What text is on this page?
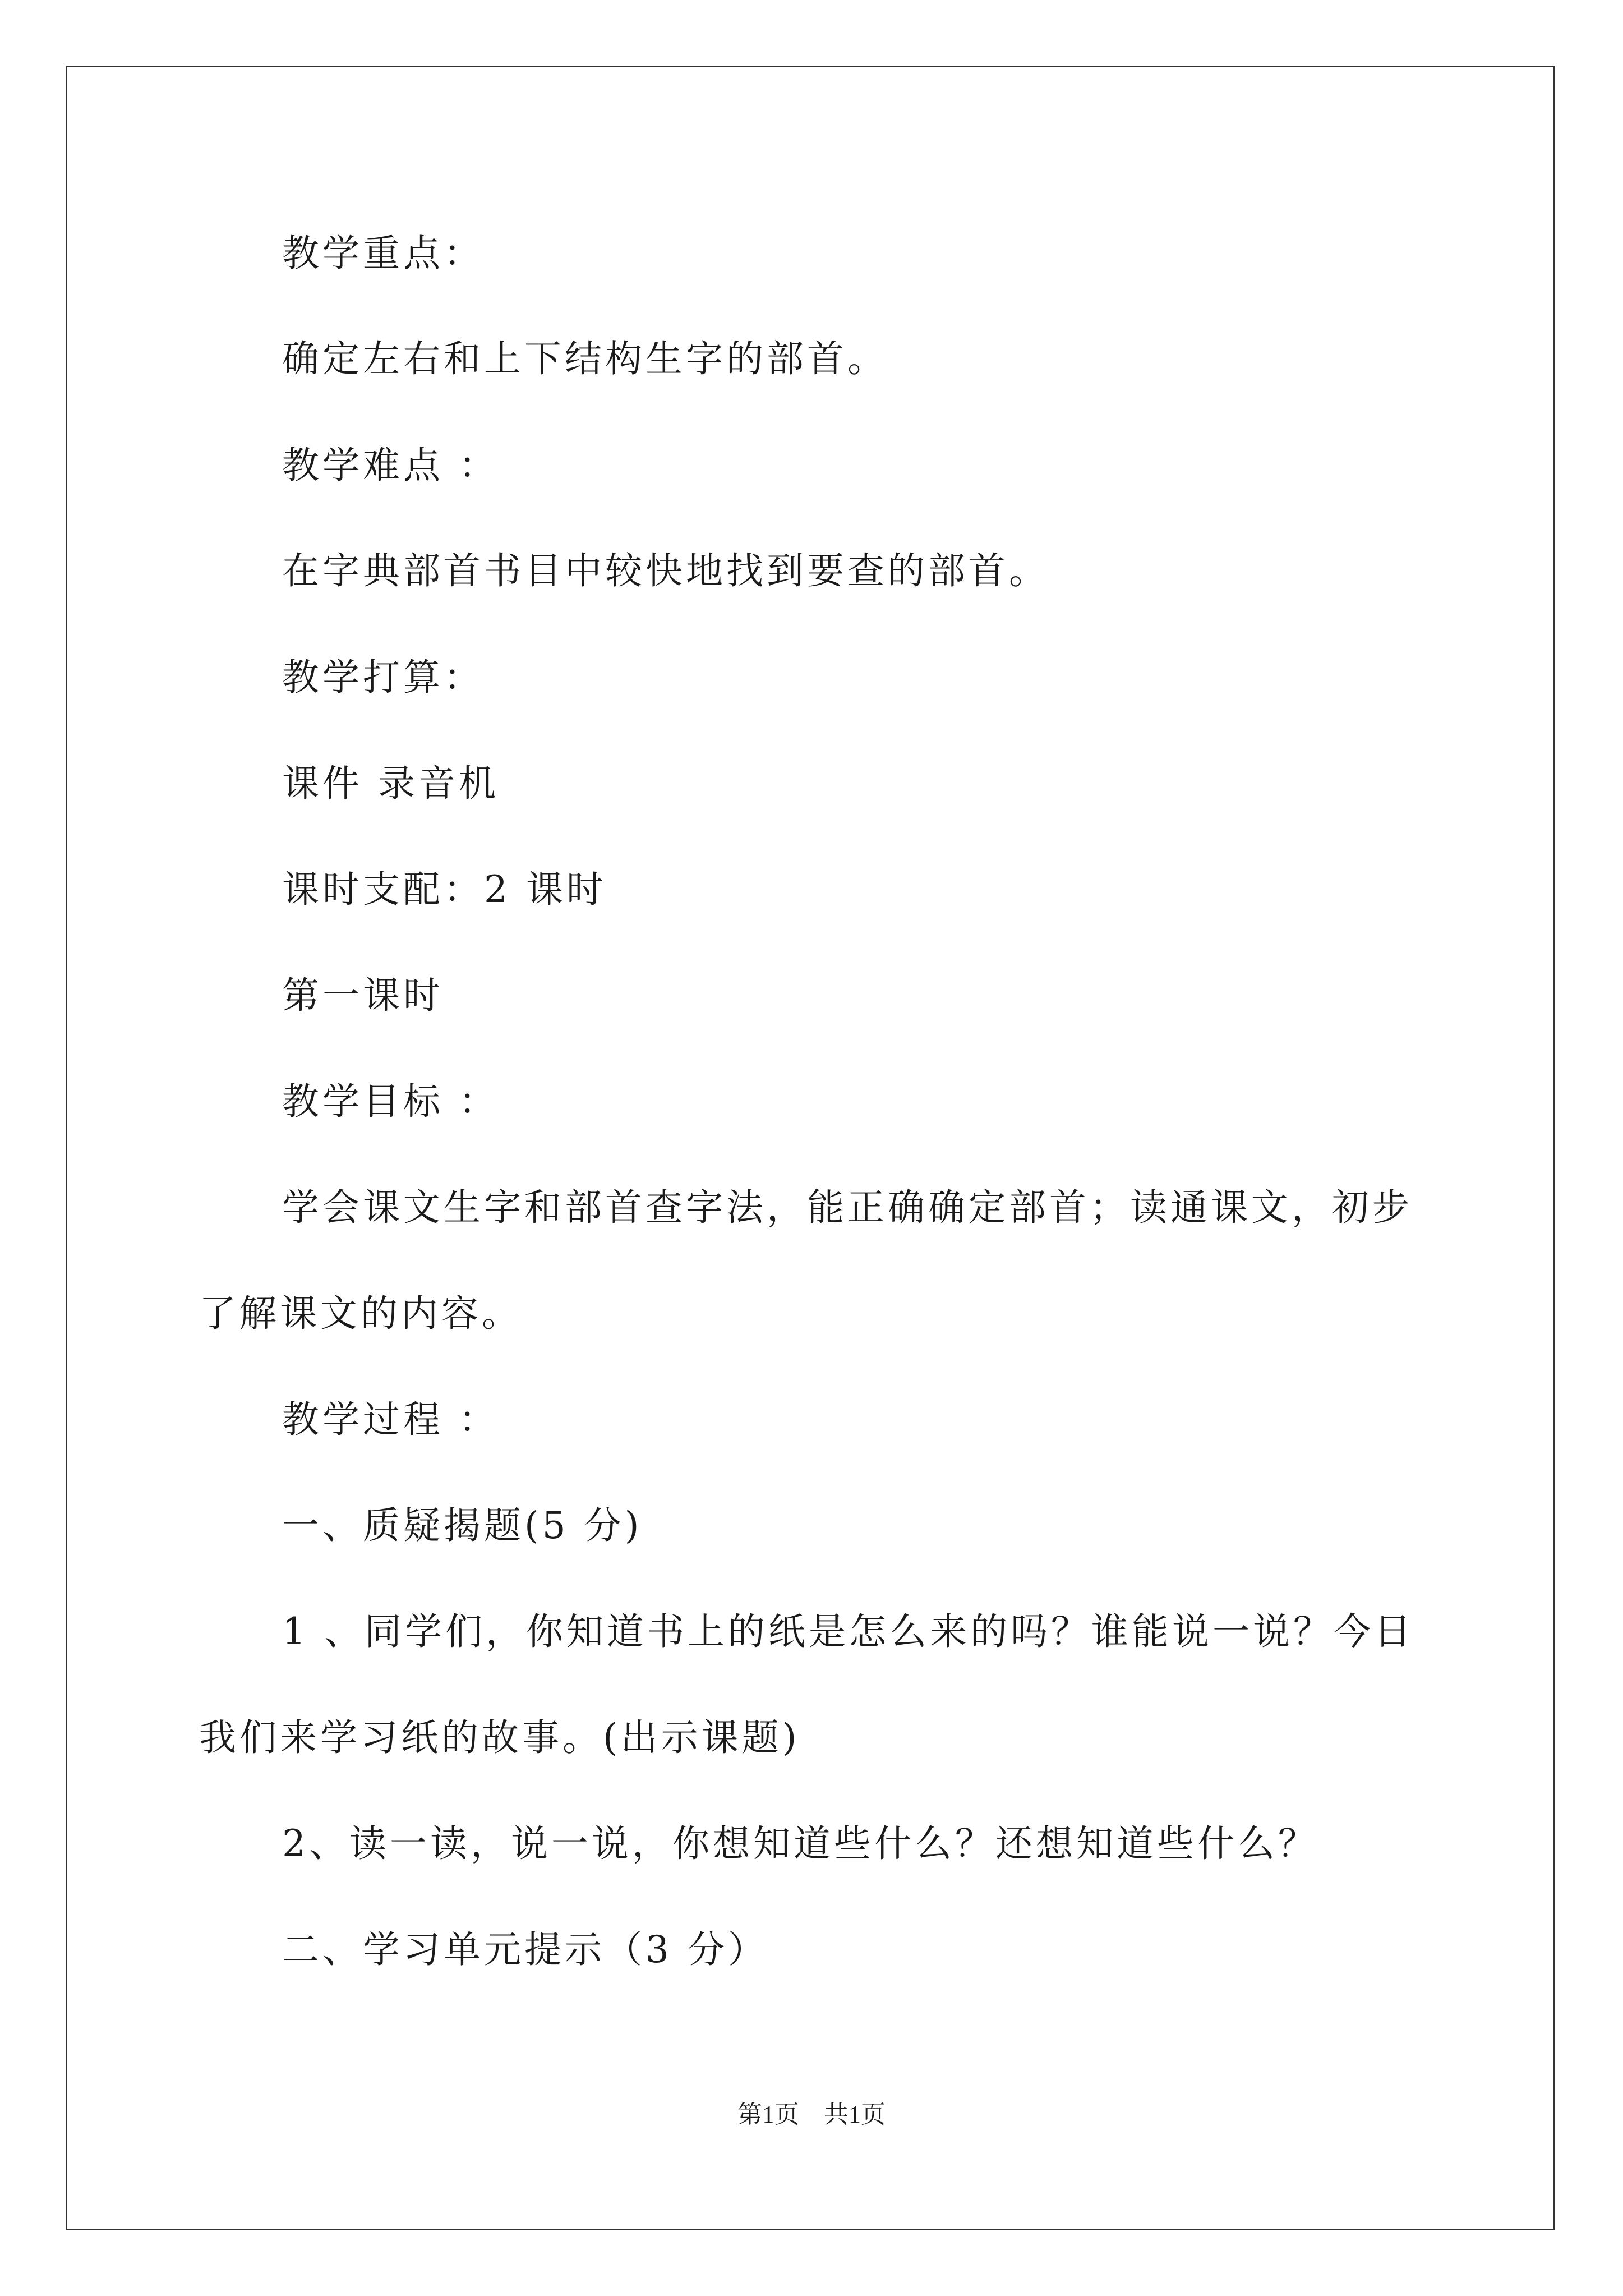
教学重点：
确定左右和上下结构生字的部首。
教学难点 ：
在字典部首书目中较快地找到要查的部首。
教学打算：
课件 录音机
课时支配：2 课时
第一课时
教学目标 ：
学会课文生字和部首查字法，能正确确定部首；读通课文，初步
了解课文的内容。
教学过程 ：
一、质疑揭题(5 分)
1 、同学们，你知道书上的纸是怎么来的吗？谁能说一说？今日
我们来学习纸的故事。(出示课题)
2、读一读，说一说，你想知道些什么？还想知道些什么？
二、学习单元提示（3 分）
第1页　共1页
